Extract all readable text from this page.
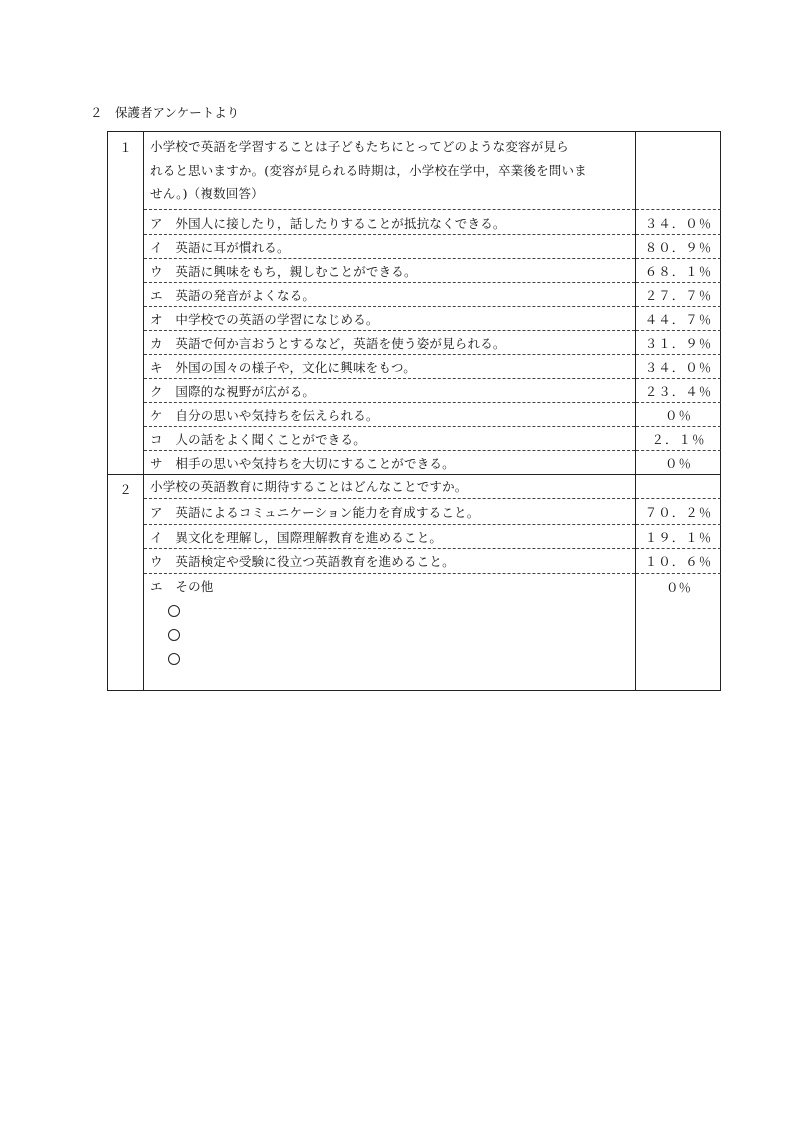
２　保護者アンケートより
１	小学校で英語を学習することは子どもたちにとってどのような変容が見ら
れると思いますか。(変容が見られる時期は，小学校在学中，卒業後を問いま
せん。)（複数回答）
ア　外国人に接したり，話したりすることが抵抗なくできる。	３４．０％
イ　英語に耳が慣れる。	８０．９％
ウ　英語に興味をもち，親しむことができる。	６８．１％
エ　英語の発音がよくなる。	２７．７％
オ　中学校での英語の学習になじめる。	４４．７％
カ　英語で何か言おうとするなど，英語を使う姿が見られる。	３１．９％
キ　外国の国々の様子や，文化に興味をもつ。	３４．０％
ク　国際的な視野が広がる。	２３．４％
ケ　自分の思いや気持ちを伝えられる。	０％
コ　人の話をよく聞くことができる。	２．１％
サ　相手の思いや気持ちを大切にすることができる。	０％
２	小学校の英語教育に期待することはどんなことですか。
ア　英語によるコミュニケーション能力を育成すること。	７０．２％
イ　異文化を理解し，国際理解教育を進めること。	１９．１％
ウ　英語検定や受験に役立つ英語教育を進めること。	１０．６％
エ　その他	０％
